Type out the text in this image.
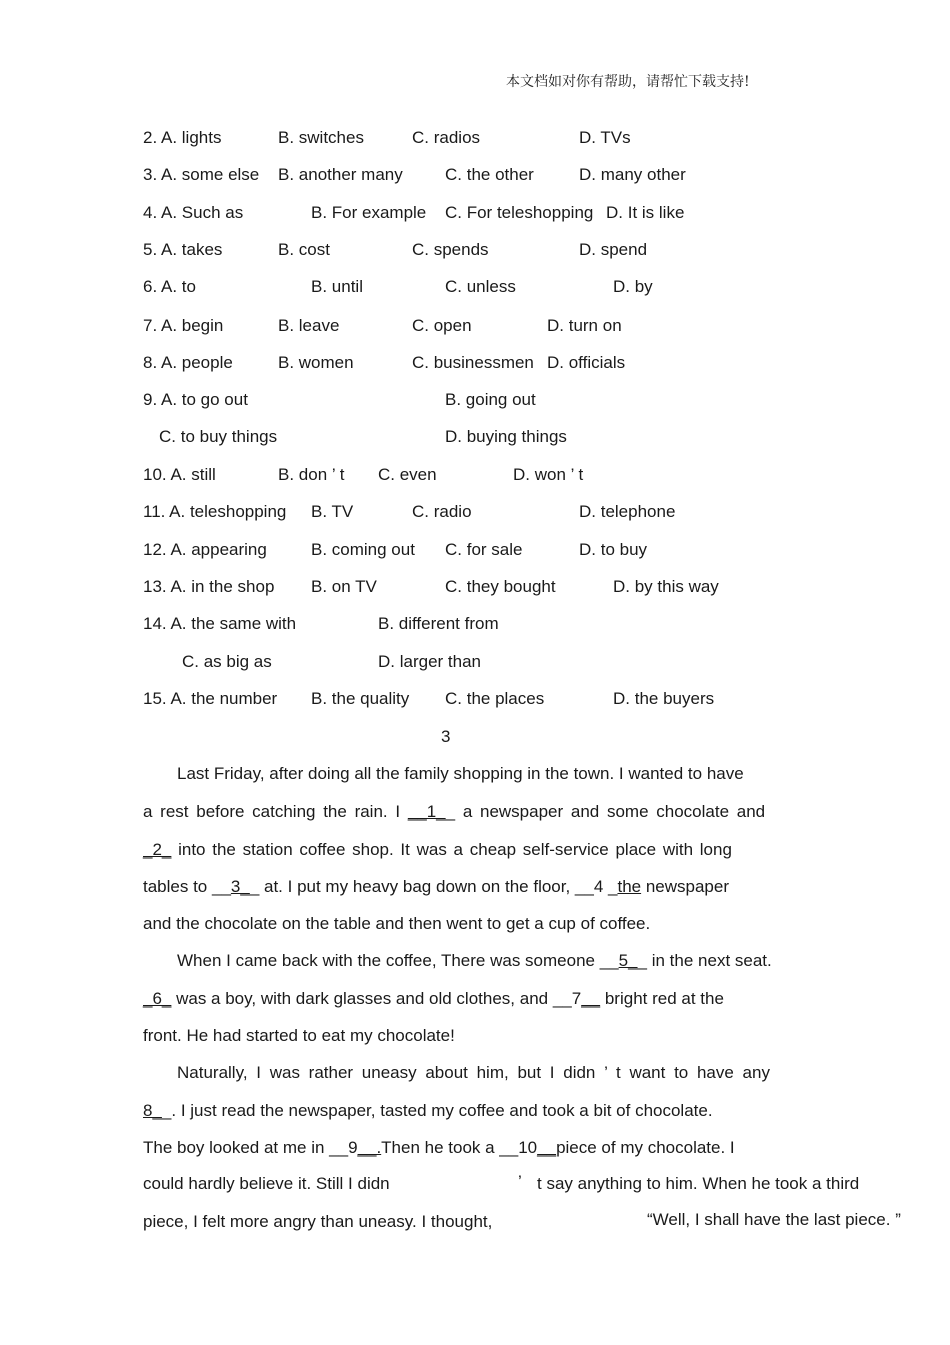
本文档如对你有帮助，请帮忙下载支持!
2. A. lights	B. switches	C. radios	D. TVs
3. A. some else B. another many C. the other	D. many other
4. A. Such as	B. For example C. For teleshopping D. It is like
5. A. takes	B. cost	C. spends	D. spend
6. A. to	B. until	C. unless	D. by
7. A. begin	B. leave	C. open	D. turn on
8. A. people	B. women	C. businessmen D. officials
9. A. to go out	B. going out
C. to buy things	D. buying things
10. A. still	B. don ’ t C. even	D. won ’ t
11. A. teleshopping B. TV	C. radio	D. telephone
12. A. appearing	B. coming out C. for sale	D. to buy
13. A. in the shop B. on TV	C. they bought	D. by this way
14. A. the same with	B. different from
C. as big as	D. larger than
15. A. the number B. the quality C. the places	D. the buyers
3
Last Friday, after doing all the family shopping in the town. I wanted to have
a rest before catching the rain. I __1__ a newspaper and some chocolate and
_2_ into the station coffee shop. It was a cheap self-service place with long
tables to __3__ at. I put my heavy bag down on the floor, __4 _the newspaper
and the chocolate on the table and then went to get a cup of coffee.
When I came back with the coffee, There was someone __5__ in the next seat.
_6_ was a boy, with dark glasses and old clothes, and __7__ bright red at the
front. He had started to eat my chocolate!
Naturally, I was rather uneasy about him, but I didn ’ t want to have any
8__. I just read the newspaper, tasted my coffee and took a bit of chocolate.
The boy looked at me in __9__.Then he took a __10__piece of my chocolate. I
could hardly believe it. Still I didn	’ t say anything to him. When he took a third
piece, I felt more angry than uneasy. I thought,	“Well, I shall have the last piece. ”
